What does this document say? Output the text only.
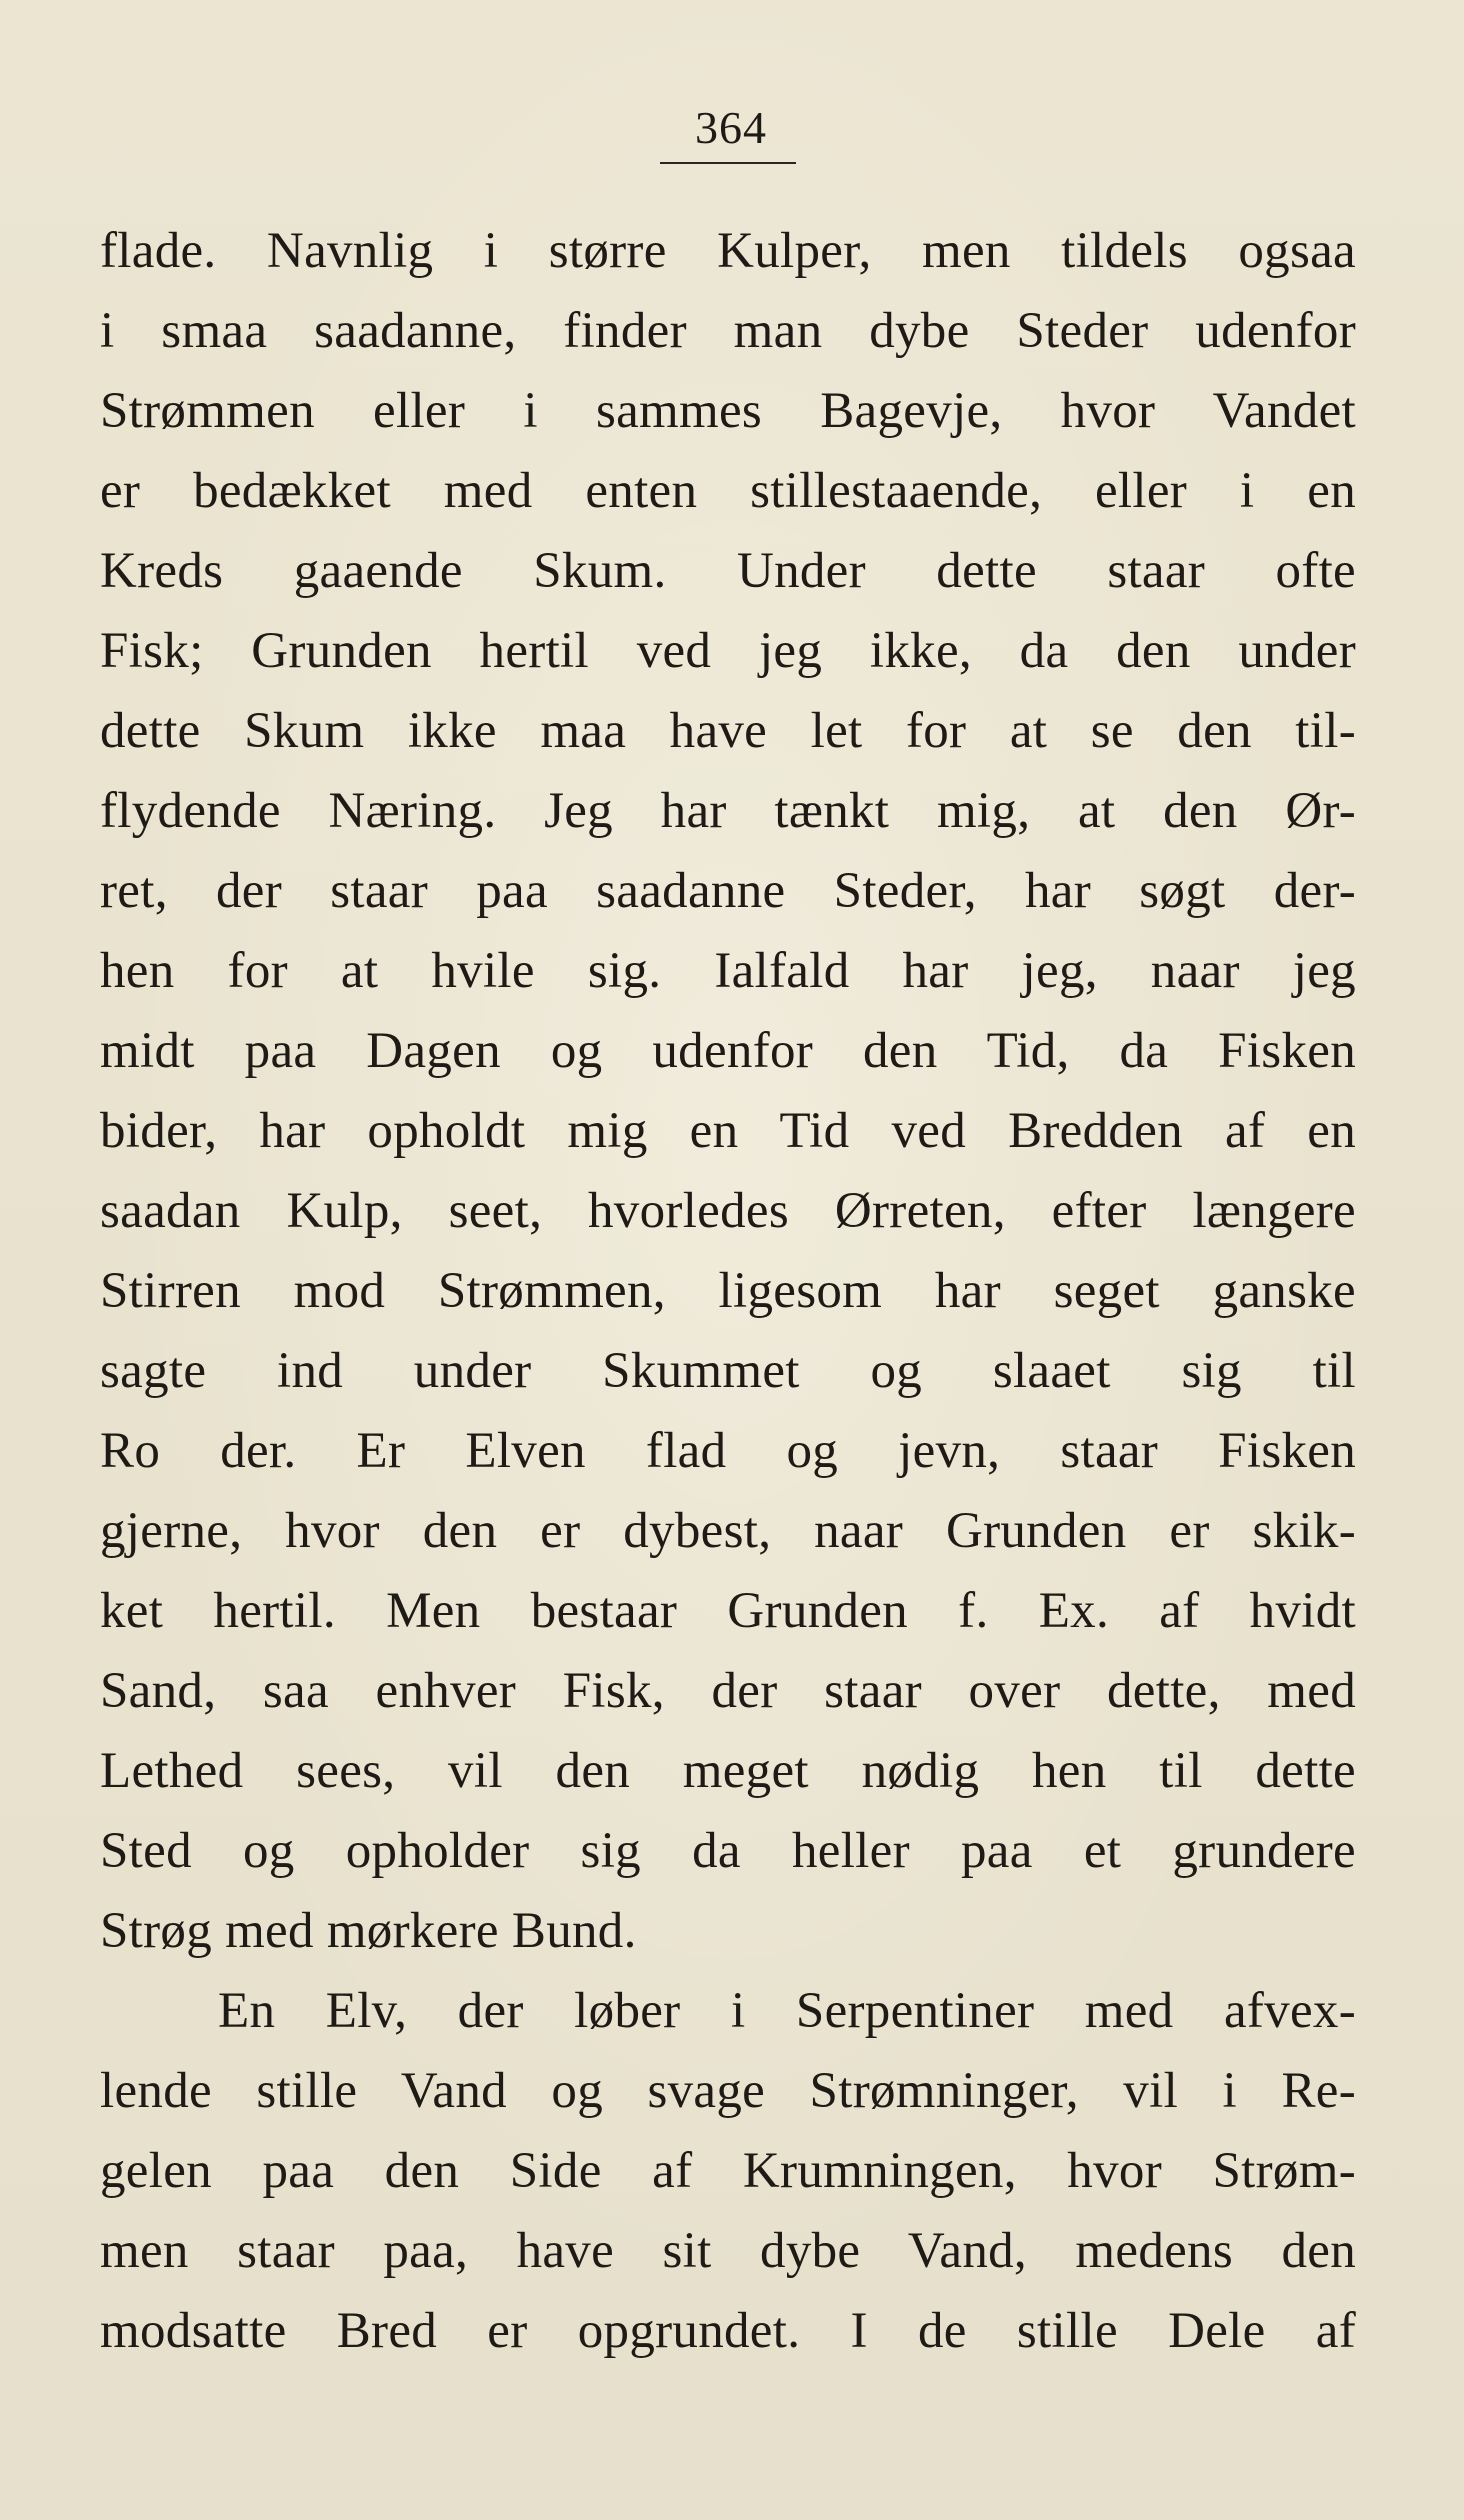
364
flade. Navnlig i større Kulper, men tildels ogsaa
i smaa saadanne, finder man dybe Steder udenfor
Strømmen eller i sammes Bagevje, hvor Vandet
er bedækket med enten stillestaaende, eller i en
Kreds gaaende Skum. Under dette staar ofte
Fisk; Grunden hertil ved jeg ikke, da den under
dette Skum ikke maa have let for at se den til-
flydende Næring. Jeg har tænkt mig, at den Ør-
ret, der staar paa saadanne Steder, har søgt der-
hen for at hvile sig. Ialfald har jeg, naar jeg
midt paa Dagen og udenfor den Tid, da Fisken
bider, har opholdt mig en Tid ved Bredden af en
saadan Kulp, seet, hvorledes Ørreten, efter længere
Stirren mod Strømmen, ligesom har seget ganske
sagte ind under Skummet og slaaet sig til
Ro der. Er Elven flad og jevn, staar Fisken
gjerne, hvor den er dybest, naar Grunden er skik-
ket hertil. Men bestaar Grunden f. Ex. af hvidt
Sand, saa enhver Fisk, der staar over dette, med
Lethed sees, vil den meget nødig hen til dette
Sted og opholder sig da heller paa et grundere
Strøg med mørkere Bund.
En Elv, der løber i Serpentiner med afvex-
lende stille Vand og svage Strømninger, vil i Re-
gelen paa den Side af Krumningen, hvor Strøm-
men staar paa, have sit dybe Vand, medens den
modsatte Bred er opgrundet. I de stille Dele af
